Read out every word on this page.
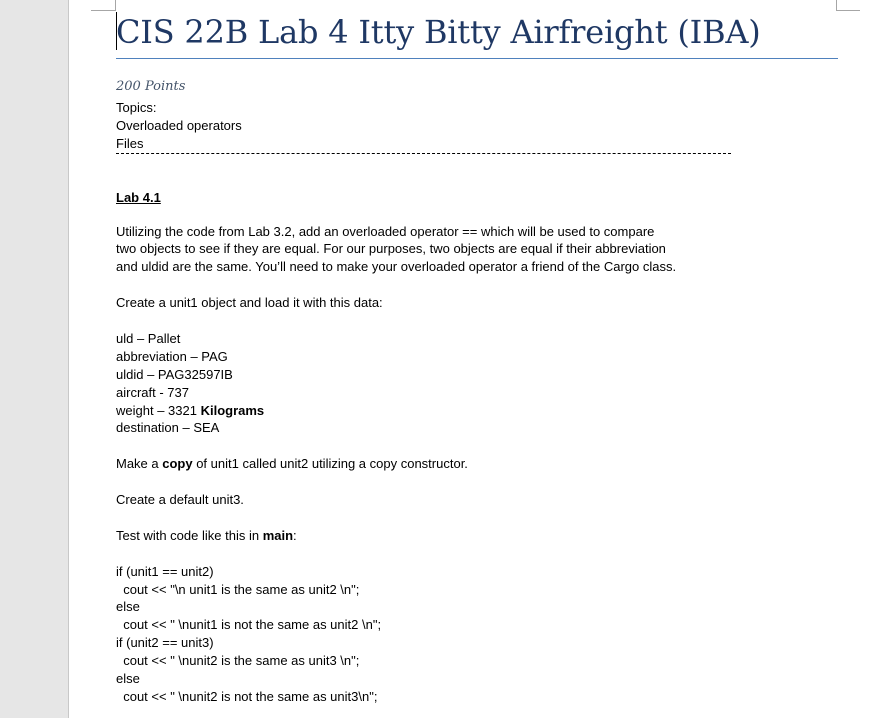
CIS 22B Lab 4 Itty Bitty Airfreight (IBA)
200 Points
Topics:
Overloaded operators
Files
Lab 4.1
Utilizing the code from Lab 3.2, add an overloaded operator == which will be used to compare
two objects to see if they are equal. For our purposes, two objects are equal if their abbreviation
and uldid are the same. You’ll need to make your overloaded operator a friend of the Cargo class.
Create a unit1 object and load it with this data:
uld – Pallet
abbreviation – PAG
uldid – PAG32597IB
aircraft - 737
weight – 3321 Kilograms
destination – SEA
Make a copy of unit1 called unit2 utilizing a copy constructor.
Create a default unit3.
Test with code like this in main:
if (unit1 == unit2)
cout << "\n unit1 is the same as unit2 \n";
else
cout << " \nunit1 is not the same as unit2 \n";
if (unit2 == unit3)
cout << " \nunit2 is the same as unit3 \n";
else
cout << " \nunit2 is not the same as unit3\n";
